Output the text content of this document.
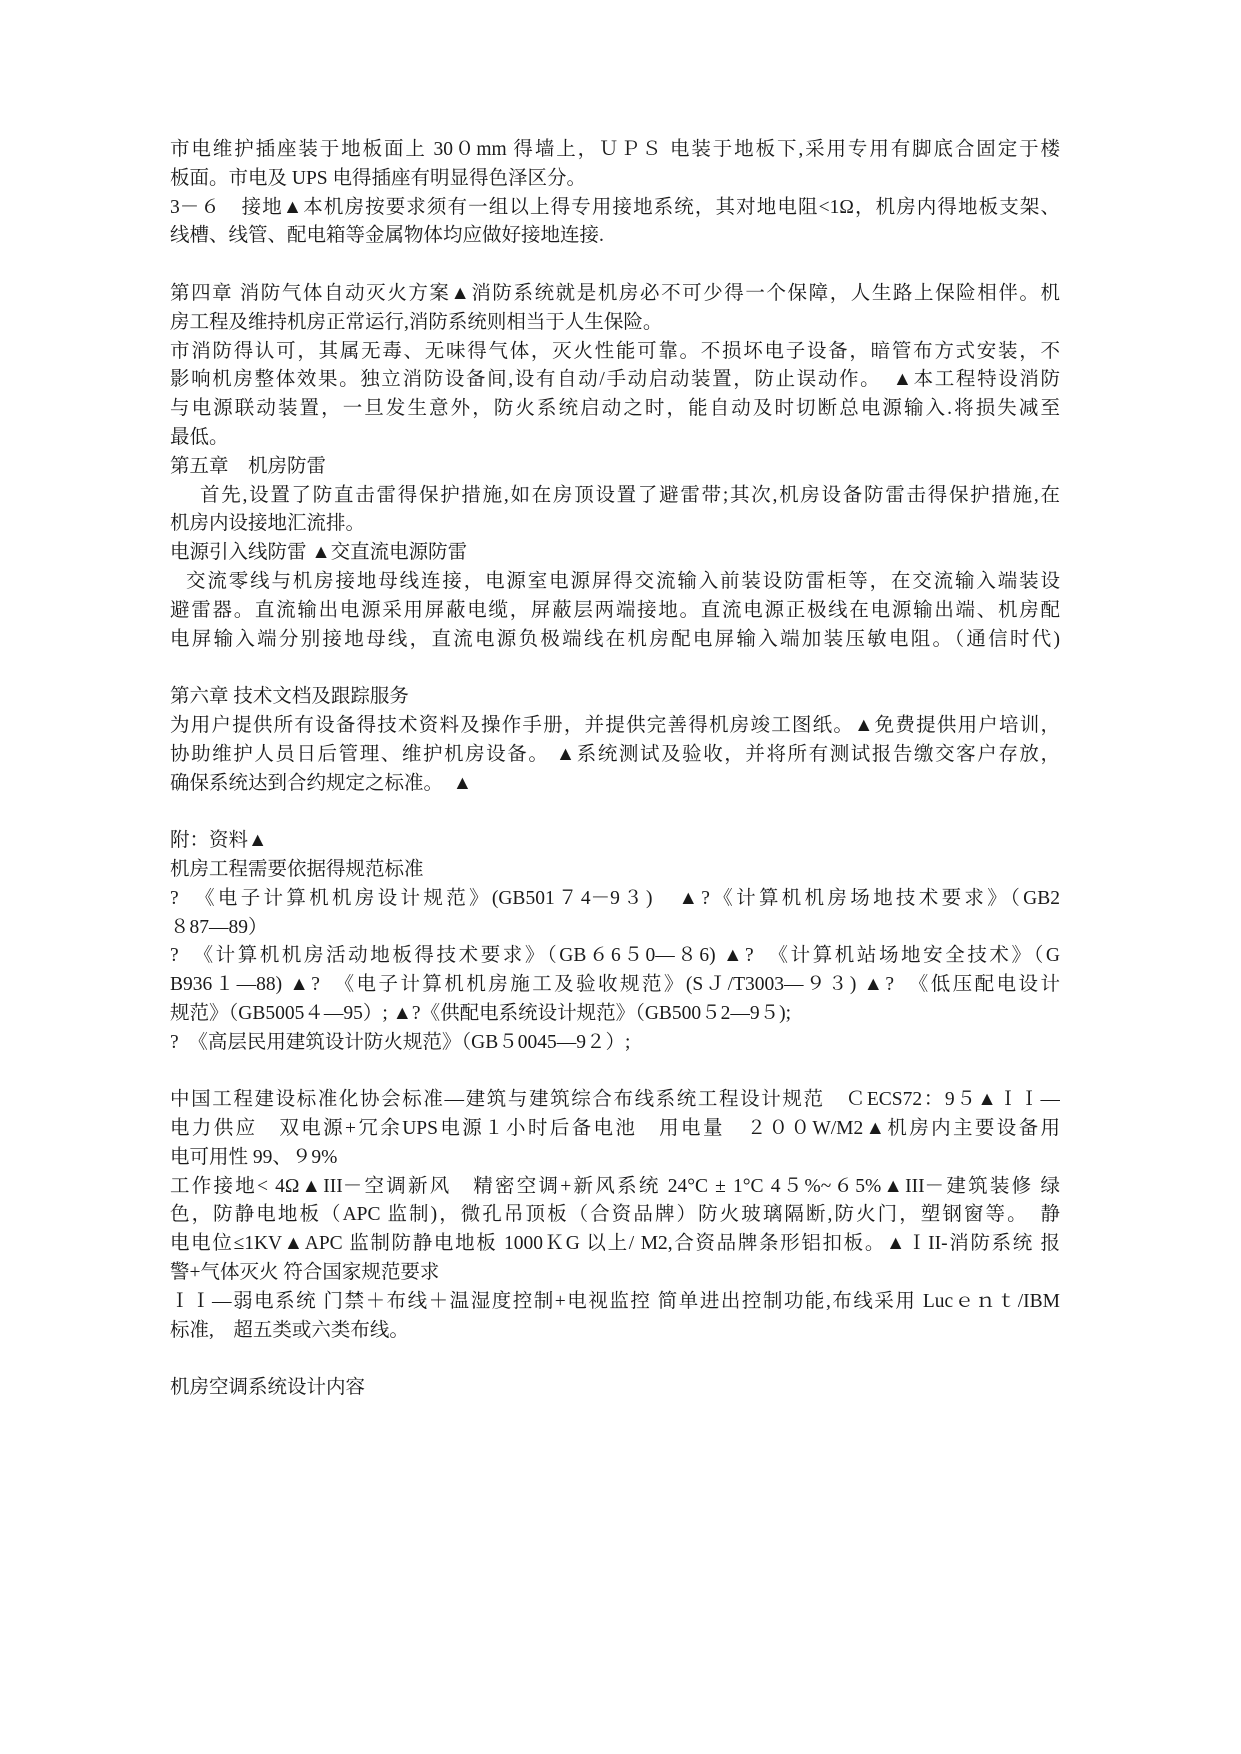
市电维护插座装于地板面上 30０mm 得墙上，ＵＰＳ 电装于地板下,采用专用有脚底合固定于楼
板面。市电及 UPS 电得插座有明显得色泽区分。
3－６　接地▲本机房按要求须有一组以上得专用接地系统，其对地电阻<1Ω，机房内得地板支架、
线槽、线管、配电箱等金属物体均应做好接地连接.
第四章 消防气体自动灭火方案▲消防系统就是机房必不可少得一个保障，人生路上保险相伴。机
房工程及维持机房正常运行,消防系统则相当于人生保险。
市消防得认可，其属无毒、无味得气体，灭火性能可靠。不损坏电子设备，暗管布方式安装，不
影响机房整体效果。独立消防设备间,设有自动/手动启动装置，防止误动作。　▲本工程特设消防
与电源联动装置，一旦发生意外，防火系统启动之时，能自动及时切断总电源输入.将损失减至
最低。
第五章　机房防雷
首先,设置了防直击雷得保护措施,如在房顶设置了避雷带;其次,机房设备防雷击得保护措施,在
机房内设接地汇流排。
电源引入线防雷 ▲交直流电源防雷
交流零线与机房接地母线连接，电源室电源屏得交流输入前装设防雷柜等，在交流输入端装设
避雷器。直流输出电源采用屏蔽电缆，屏蔽层两端接地。直流电源正极线在电源输出端、机房配
电屏输入端分别接地母线，直流电源负极端线在机房配电屏输入端加装压敏电阻。（通信时代)
第六章 技术文档及跟踪服务
为用户提供所有设备得技术资料及操作手册，并提供完善得机房竣工图纸。▲免费提供用户培训，
协助维护人员日后管理、维护机房设备。 ▲系统测试及验收，并将所有测试报告缴交客户存放，
确保系统达到合约规定之标准。　▲
附：资料▲
机房工程需要依据得规范标准
?　《电子计算机机房设计规范》(GB501７4－9３)　▲?《计算机机房场地技术要求》（GB2
８87—89）
?　《计算机机房活动地板得技术要求》（GB６6５0—８6) ▲?　《计算机站场地安全技术》（G
B936１—88) ▲?　《电子计算机机房施工及验收规范》(SＪ/T3003—９３) ▲?　《低压配电设计
规范》（GB5005４—95）; ▲?《供配电系统设计规范》（GB500５2—9５);
?　《高层民用建筑设计防火规范》（GB５0045—9２）;
中国工程建设标准化协会标准—建筑与建筑综合布线系统工程设计规范　ＣECS72：9５▲ＩＩ—
电力供应　双电源+冗余UPS电源１小时后备电池　用电量　２００W/M2▲机房内主要设备用
电可用性 99、９9%
工作接地< 4Ω▲III－空调新风　精密空调+新风系统 24°C ± 1°C 4５%~６5%▲III－建筑装修 绿
色，防静电地板（APC 监制)，微孔吊顶板（合资品牌）防火玻璃隔断,防火门，塑钢窗等。　静
电电位≤1KV▲APC 监制防静电地板 1000ＫG 以上/ M2,合资品牌条形铝扣板。▲ＩII-消防系统 报
警+气体灭火 符合国家规范要求
ＩＩ—弱电系统 门禁＋布线＋温湿度控制+电视监控 简单进出控制功能,布线采用 Lucｅｎｔ/IBM
标准,　超五类或六类布线。
机房空调系统设计内容
